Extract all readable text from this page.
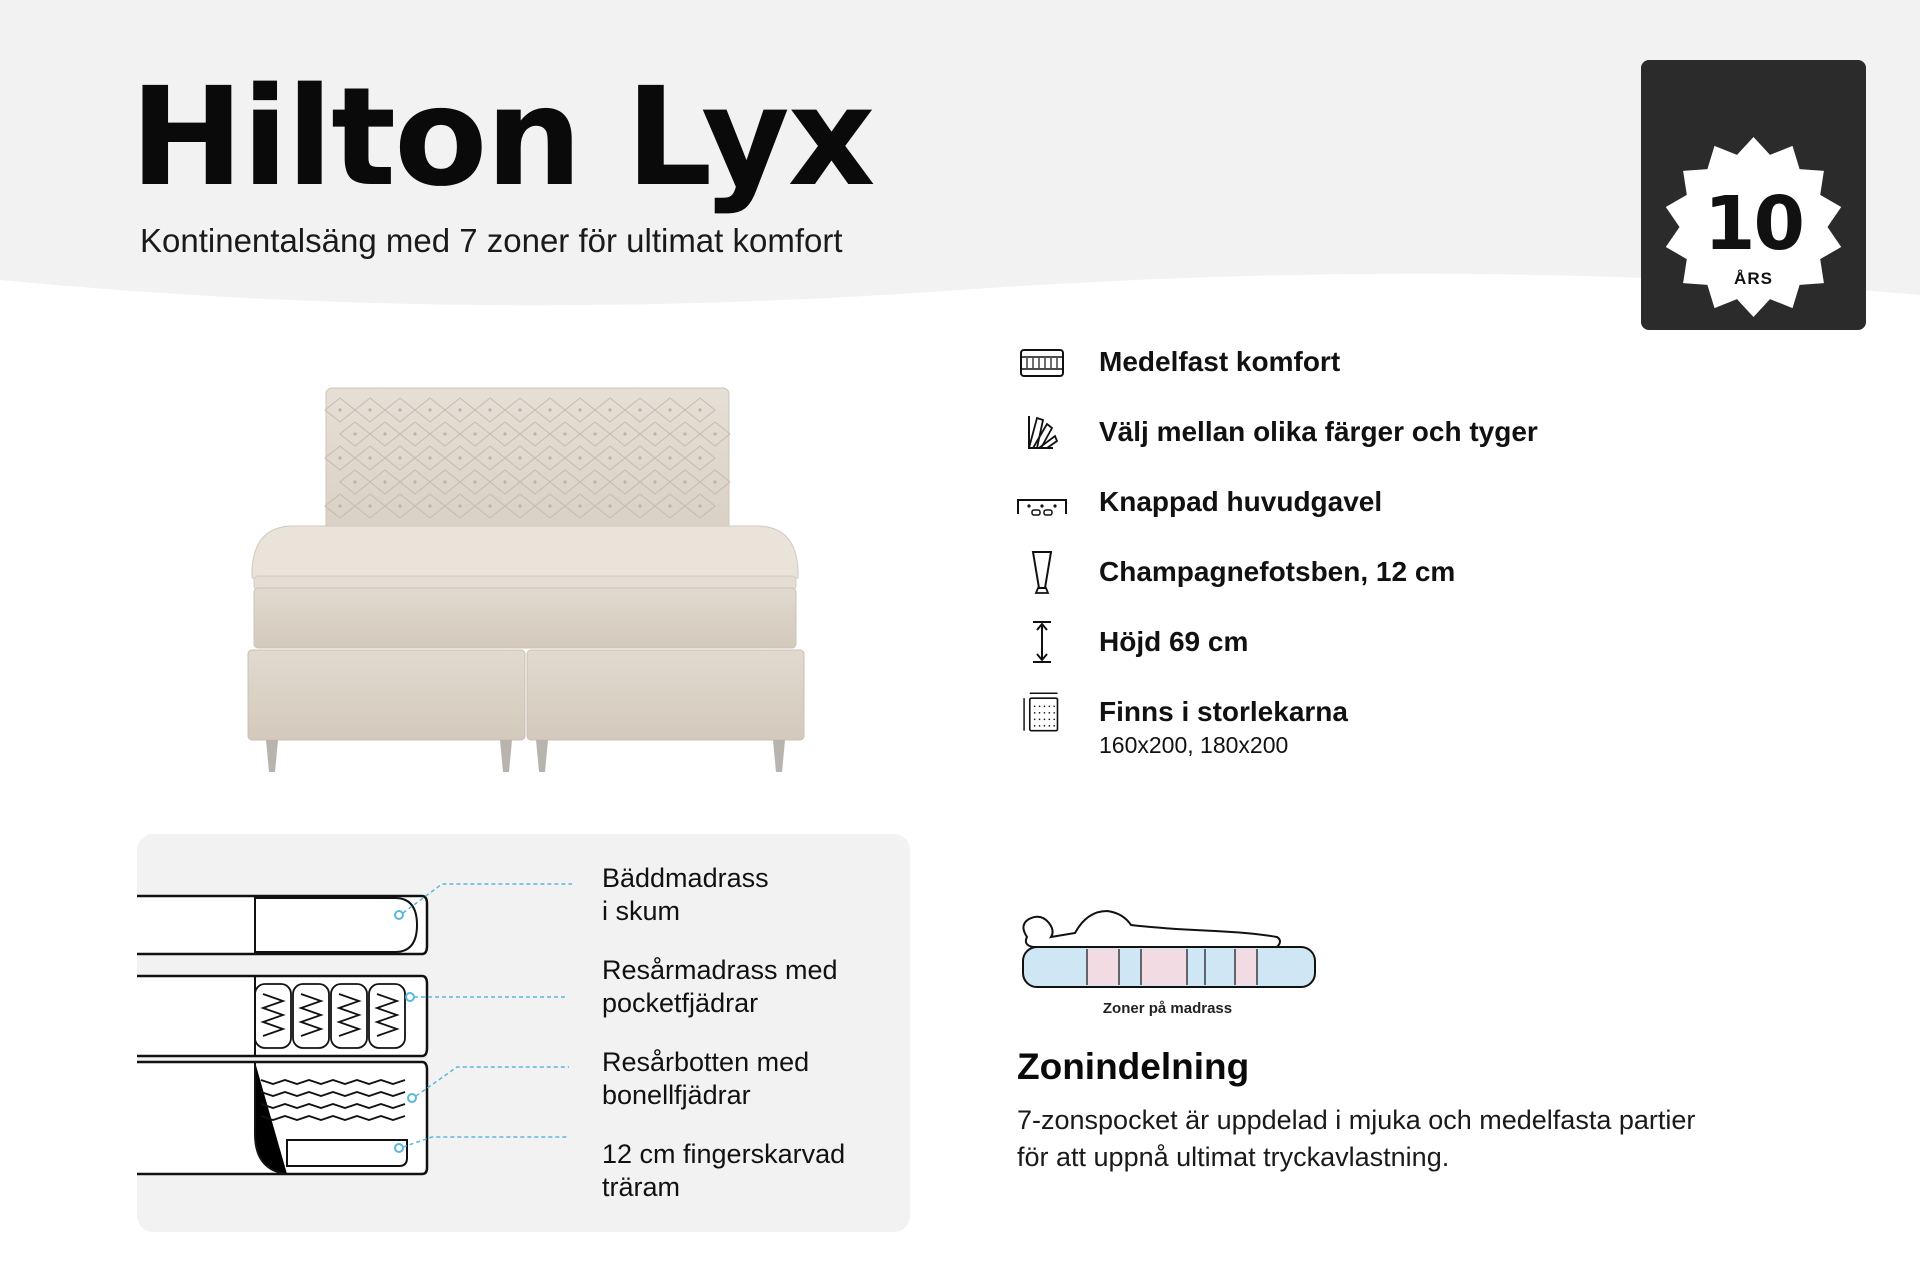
Hilton Lyx

Kontinentalsäng med 7 zoner för ultimat komfort	10
ÅRS
GARANTI
Medelfast komfort
Välj mellan olika färger och tyger
Knappad huvudgavel
Champagnefotsben, 12 cm
Höjd 69 cm
Finns i storlekarna
160x200, 180x200
Bäddmadrass
i skum
Resårmadrass med
pocketfjädrar
Resårbotten med
bonellfjädrar
12 cm fingerskarvad
träram
Zoner på madrass
Zonindelning
7-zonspocket är uppdelad i mjuka och medelfasta partier
för att uppnå ultimat tryckavlastning.
